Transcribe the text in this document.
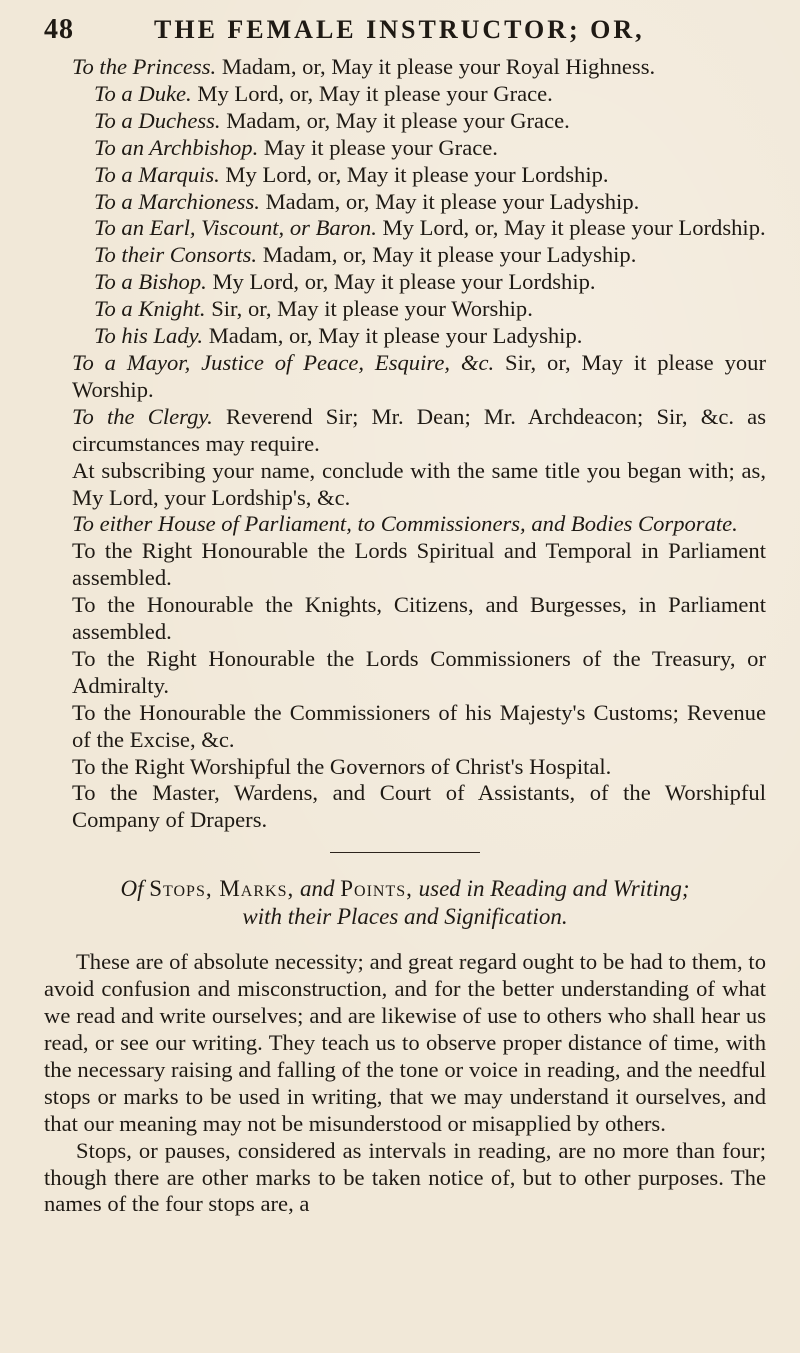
48	THE FEMALE INSTRUCTOR; OR,

To the Princess. Madam, or, May it please your Royal Highness.

To a Duke. My Lord, or, May it please your Grace.

To a Duchess. Madam, or, May it please your Grace.

To an Archbishop. May it please your Grace.

To a Marquis. My Lord, or, May it please your Lordship.

To a Marchioness. Madam, or, May it please your Ladyship.

To an Earl, Viscount, or Baron. My Lord, or, May it please your Lordship.

To their Consorts. Madam, or, May it please your Ladyship.

To a Bishop. My Lord, or, May it please your Lordship.

To a Knight. Sir, or, May it please your Worship.

To his Lady. Madam, or, May it please your Ladyship.

To a Mayor, Justice of Peace, Esquire, &c. Sir, or, May it please your Worship.

To the Clergy. Reverend Sir; Mr. Dean; Mr. Archdeacon; Sir, &c. as circumstances may require.

At subscribing your name, conclude with the same title you began with; as, My Lord, your Lordship's, &c.

To either House of Parliament, to Commissioners, and Bodies Corporate.

To the Right Honourable the Lords Spiritual and Temporal in Parliament assembled.

To the Honourable the Knights, Citizens, and Burgesses, in Parliament assembled.

To the Right Honourable the Lords Commissioners of the Treasury, or Admiralty.

To the Honourable the Commissioners of his Majesty's Customs; Revenue of the Excise, &c.

To the Right Worshipful the Governors of Christ's Hospital.

To the Master, Wardens, and Court of Assistants, of the Worshipful Company of Drapers.

Of Stops, Marks, and Points, used in Reading and Writing;

with their Places and Signification.

These are of absolute necessity; and great regard ought to be had to them, to avoid confusion and misconstruction, and for the better understanding of what we read and write ourselves; and are likewise of use to others who shall hear us read, or see our writing. They teach us to observe proper distance of time, with the necessary raising and falling of the tone or voice in reading, and the needful stops or marks to be used in writing, that we may understand it ourselves, and that our meaning may not be misunderstood or misapplied by others.

Stops, or pauses, considered as intervals in reading, are no more than four; though there are other marks to be taken notice of, but to other purposes. The names of the four stops are, a
